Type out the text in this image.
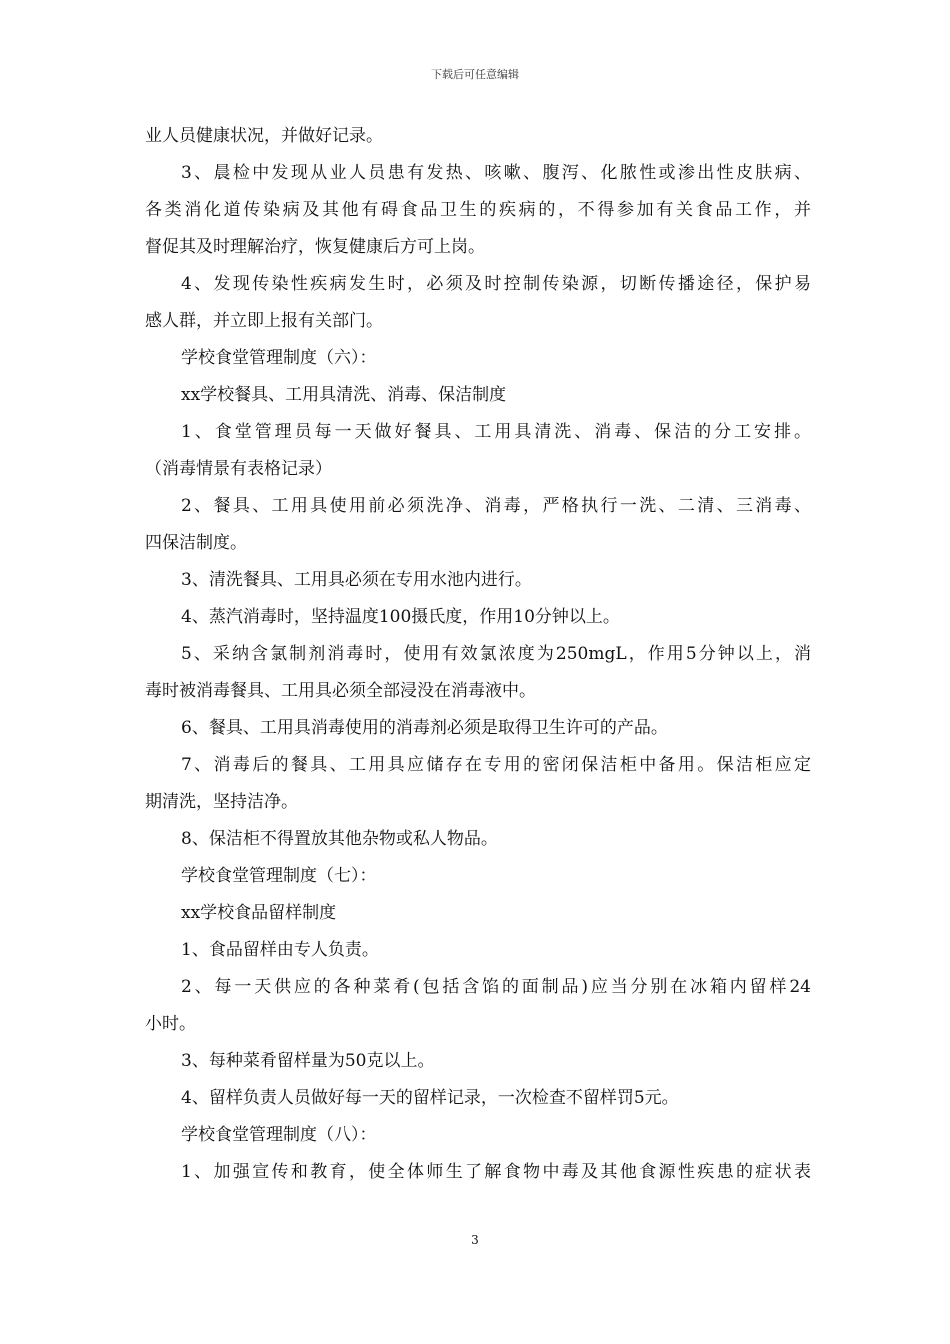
下载后可任意编辑
业人员健康状况，并做好记录。
3、晨检中发现从业人员患有发热、咳嗽、腹泻、化脓性或渗出性皮肤病、
各类消化道传染病及其他有碍食品卫生的疾病的，不得参加有关食品工作，并
督促其及时理解治疗，恢复健康后方可上岗。
4、发现传染性疾病发生时，必须及时控制传染源，切断传播途径，保护易
感人群，并立即上报有关部门。
学校食堂管理制度（六）：
xx学校餐具、工用具清洗、消毒、保洁制度
1、食堂管理员每一天做好餐具、工用具清洗、消毒、保洁的分工安排。
（消毒情景有表格记录）
2、餐具、工用具使用前必须洗净、消毒，严格执行一洗、二清、三消毒、
四保洁制度。
3、清洗餐具、工用具必须在专用水池内进行。
4、蒸汽消毒时，坚持温度100摄氏度，作用10分钟以上。
5、采纳含氯制剂消毒时，使用有效氯浓度为250mgL，作用5分钟以上，消
毒时被消毒餐具、工用具必须全部浸没在消毒液中。
6、餐具、工用具消毒使用的消毒剂必须是取得卫生许可的产品。
7、消毒后的餐具、工用具应储存在专用的密闭保洁柜中备用。保洁柜应定
期清洗，坚持洁净。
8、保洁柜不得置放其他杂物或私人物品。
学校食堂管理制度（七）：
xx学校食品留样制度
1、食品留样由专人负责。
2、每一天供应的各种菜肴(包括含馅的面制品)应当分别在冰箱内留样24
小时。
3、每种菜肴留样量为50克以上。
4、留样负责人员做好每一天的留样记录，一次检查不留样罚5元。
学校食堂管理制度（八）：
1、加强宣传和教育，使全体师生了解食物中毒及其他食源性疾患的症状表
3
